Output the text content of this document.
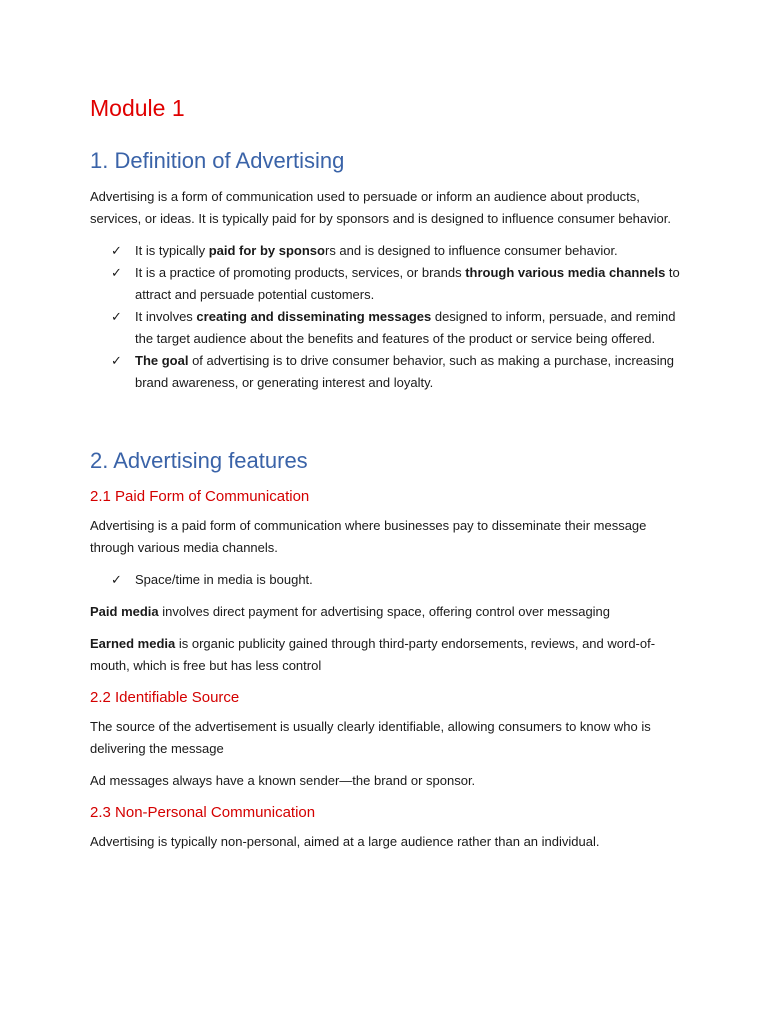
Module 1
1. Definition of Advertising

Advertising is a form of communication used to persuade or inform an audience about products, services, or ideas. It is typically paid for by sponsors and is designed to influence consumer behavior.

✓ It is typically paid for by sponsors and is designed to influence consumer behavior.
✓ It is a practice of promoting products, services, or brands through various media channels to attract and persuade potential customers.
✓ It involves creating and disseminating messages designed to inform, persuade, and remind the target audience about the benefits and features of the product or service being offered.
✓ The goal of advertising is to drive consumer behavior, such as making a purchase, increasing brand awareness, or generating interest and loyalty.
2. Advertising features
2.1 Paid Form of Communication

Advertising is a paid form of communication where businesses pay to disseminate their message through various media channels.

✓ Space/time in media is bought.

Paid media involves direct payment for advertising space, offering control over messaging

Earned media is organic publicity gained through third-party endorsements, reviews, and word-of-mouth, which is free but has less control

2.2 Identifiable Source

The source of the advertisement is usually clearly identifiable, allowing consumers to know who is delivering the message

Ad messages always have a known sender—the brand or sponsor.

2.3 Non-Personal Communication

Advertising is typically non-personal, aimed at a large audience rather than an individual.
